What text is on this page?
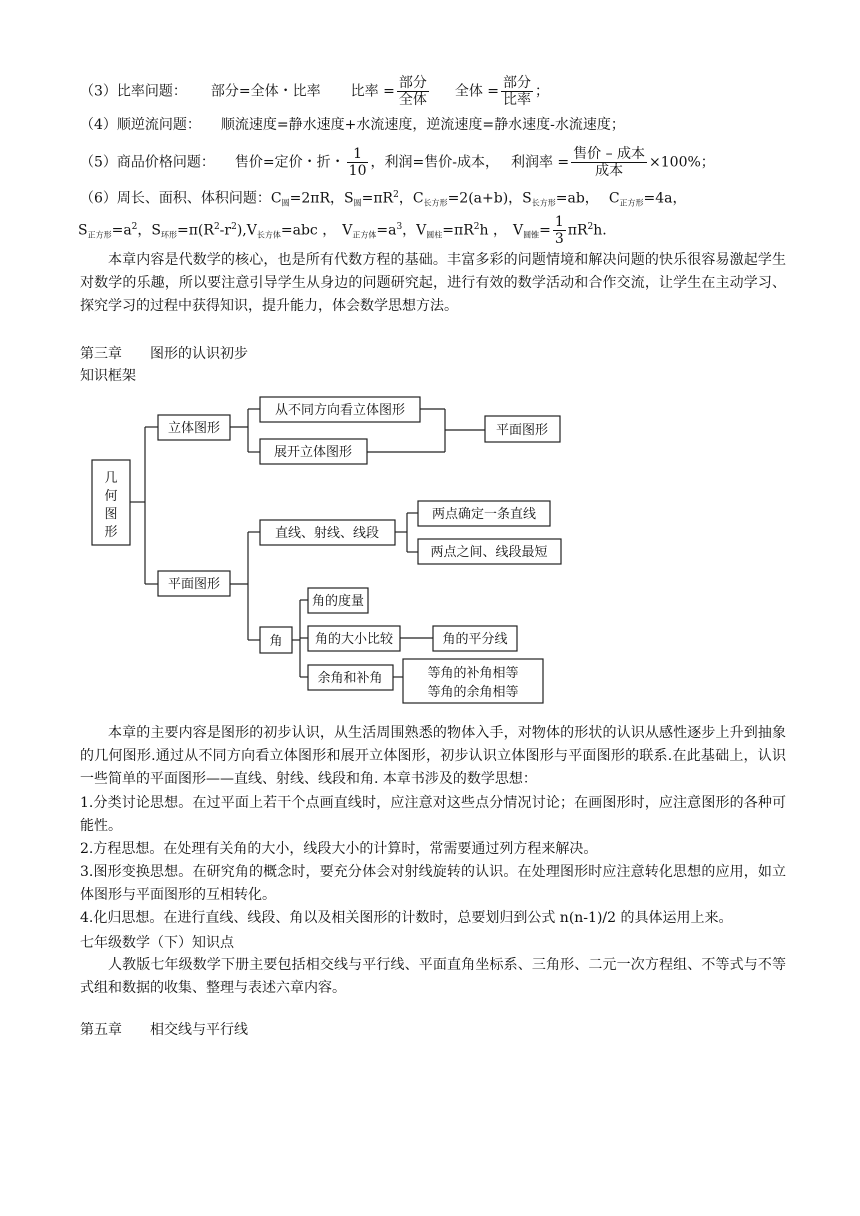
（3）比率问题： 部分=全体・比率 比率 = $\frac{\text{部分}}{\text{全体}}$ 全体 = $\frac{\text{部分}}{\text{比率}}$ ；
（4）顺逆流问题： 顺流速度=静水速度+水流速度，逆流速度=静水速度-水流速度；
（5）商品价格问题： 售价=定价・折・ $\frac{1}{10}$ ，利润=售价-成本， 利润率 = $\frac{\text{售价 – 成本}}{\text{成本}} \times 100\%$；
（6）周长、面积、体积问题：$C_圆=2\pi R$，$S_圆=\pi R^2$，$C_{长方形}=2(a+b)$，$S_{长方形}=ab$， $C_{正方形}=4a$，
$S_{正方形}=a^2$，$S_{环形}=\pi(R^2-r^2),V_{长方体}=abc$ ， $V_{正方体}=a^3$，$V_{圆柱}=\pi R^2h$ ， $V_{圆锥}= \frac{1}{3} \pi R^2h$.
本章内容是代数学的核心，也是所有代数方程的基础。丰富多彩的问题情境和解决问题的快乐很容易激起学生对数学的乐趣，所以要注意引导学生从身边的问题研究起，进行有效的数学活动和合作交流，让学生在主动学习、探究学习的过程中获得知识，提升能力，体会数学思想方法。
第三章　　图形的认识初步
知识框架
几
何
图
形
立体图形
从不同方向看立体图形
展开立体图形
平面图形
平面图形
直线、射线、线段
两点确定一条直线
两点之间、线段最短
角
角的度量
角的大小比较	角的平分线
余角和补角	等角的补角相等
等角的余角相等
本章的主要内容是图形的初步认识，从生活周围熟悉的物体入手，对物体的形状的认识从感性逐步上升到抽象的几何图形.通过从不同方向看立体图形和展开立体图形，初步认识立体图形与平面图形的联系.在此基础上，认识一些简单的平面图形——直线、射线、线段和角. 本章书涉及的数学思想：
1.分类讨论思想。在过平面上若干个点画直线时，应注意对这些点分情况讨论；在画图形时，应注意图形的各种可能性。
2.方程思想。在处理有关角的大小，线段大小的计算时，常需要通过列方程来解决。
3.图形变换思想。在研究角的概念时，要充分体会对射线旋转的认识。在处理图形时应注意转化思想的应用，如立体图形与平面图形的互相转化。
4.化归思想。在进行直线、线段、角以及相关图形的计数时，总要划归到公式 n(n-1)/2 的具体运用上来。
七年级数学（下）知识点
人教版七年级数学下册主要包括相交线与平行线、平面直角坐标系、三角形、二元一次方程组、不等式与不等式组和数据的收集、整理与表述六章内容。
第五章　　相交线与平行线
